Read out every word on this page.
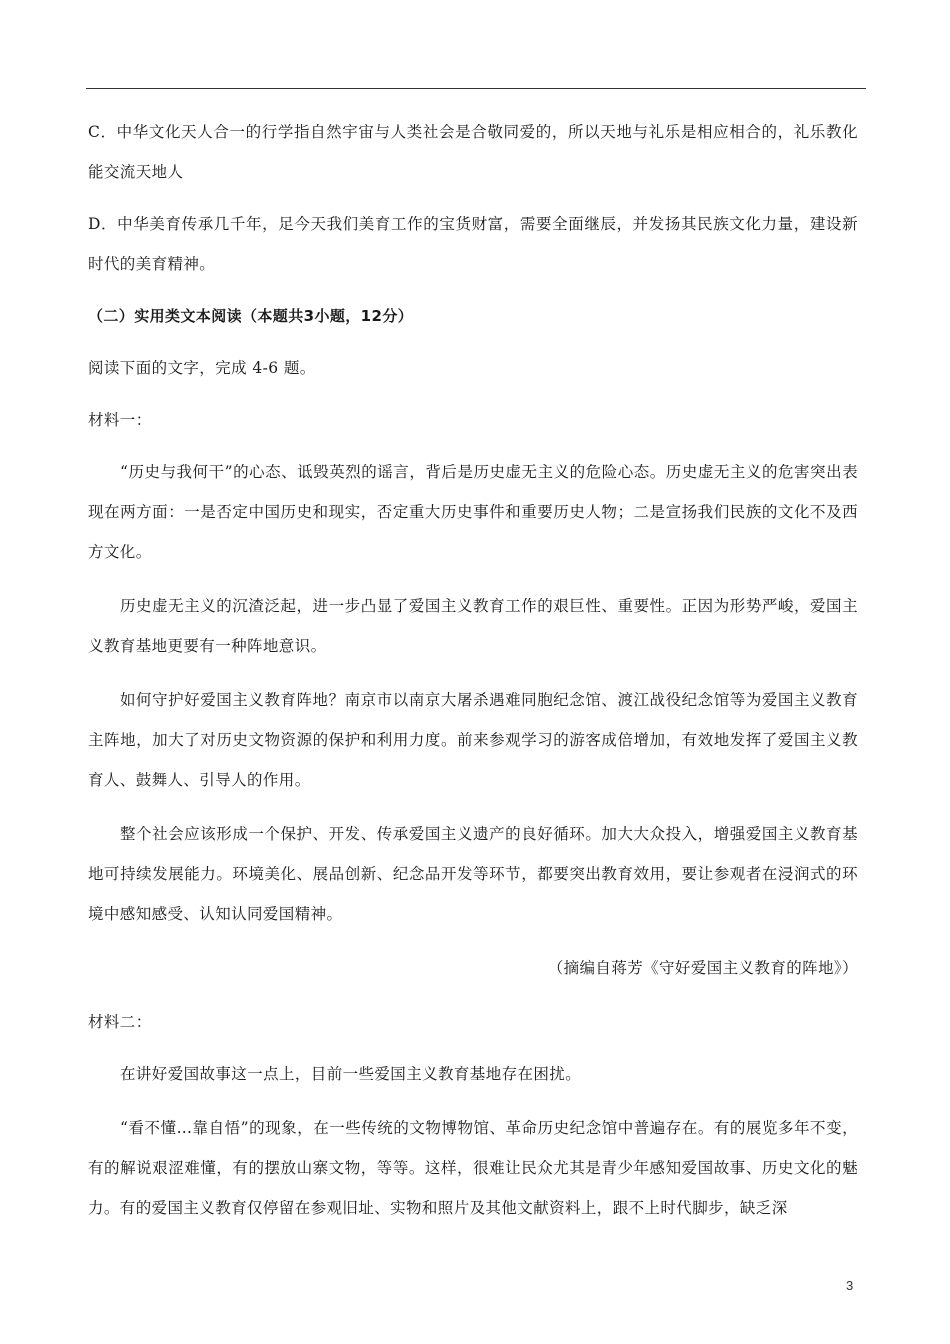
C．中华文化天人合一的行学指自然宇宙与人类社会是合敬同爱的，所以天地与礼乐是相应相合的，礼乐教化能交流天地人

D．中华美育传承几千年，足今天我们美育工作的宝货财富，需要全面继辰，并发扬其民族文化力量，建设新时代的美育精神。

（二）实用类文本阅读（本题共3小题，12分）

阅读下面的文字，完成 4-6 题。

材料一：

“历史与我何干”的心态、诋毁英烈的谣言，背后是历史虚无主义的危险心态。历史虚无主义的危害突出表现在两方面：一是否定中国历史和现实，否定重大历史事件和重要历史人物；二是宣扬我们民族的文化不及西方文化。

历史虚无主义的沉渣泛起，进一步凸显了爱国主义教育工作的艰巨性、重要性。正因为形势严峻，爱国主义教育基地更要有一种阵地意识。

如何守护好爱国主义教育阵地？南京市以南京大屠杀遇难同胞纪念馆、渡江战役纪念馆等为爱国主义教育主阵地，加大了对历史文物资源的保护和利用力度。前来参观学习的游客成倍增加，有效地发挥了爱国主义教育人、鼓舞人、引导人的作用。

整个社会应该形成一个保护、开发、传承爱国主义遗产的良好循环。加大大众投入，增强爱国主义教育基地可持续发展能力。环境美化、展品创新、纪念品开发等环节，都要突出教育效用，要让参观者在浸润式的环境中感知感受、认知认同爱国精神。

（摘编自蒋芳《守好爱国主义教育的阵地》）

材料二：

在讲好爱国故事这一点上，目前一些爱国主义教育基地存在困扰。

“看不懂…靠自悟”的现象，在一些传统的文物博物馆、革命历史纪念馆中普遍存在。有的展览多年不变，有的解说艰涩难懂，有的摆放山寨文物，等等。这样，很难让民众尤其是青少年感知爱国故事、历史文化的魅力。有的爱国主义教育仅停留在参观旧址、实物和照片及其他文献资料上，跟不上时代脚步，缺乏深

3
